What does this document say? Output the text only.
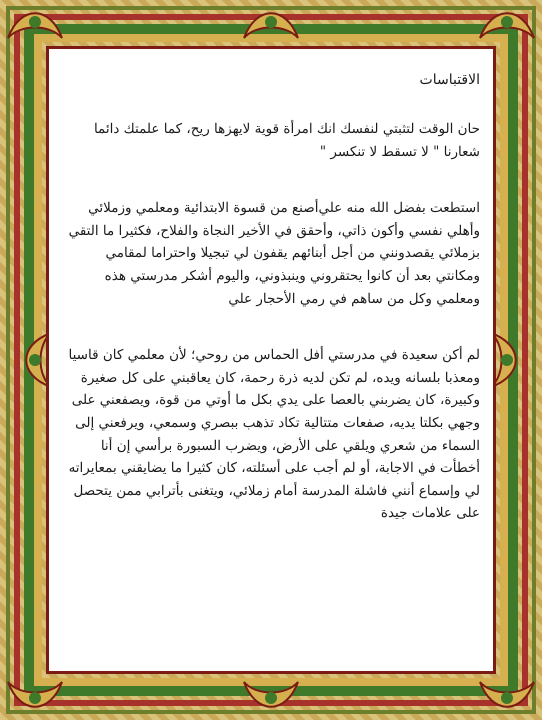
الاقتباسات

حان الوقت لتثبتي لنفسك انك امرأة قوية لايهزها ريح، كما علمتك دائما شعارنا " لا تسقط لا تنكسر "

استطعت بفضل الله منه علي‌أصنع من قسوة الابتدائية ومعلمي وزملائي وأهلي نفسي وأكون ذاتي، وأحقق في الأخير النجاة والفلاح، فكثيرا ما التقي بزملائي يقصدونني من أجل أبنائهم يقفون لي تبجيلا واحتراما لمقامي ومكانتي بعد أن كانوا يحتقروني وينبذوني، واليوم أشكر مدرستي هذه ومعلمي وكل من ساهم في رمي الأحجار علي

لم أكن سعيدة في مدرستي أفل الحماس من روحي؛ لأن معلمي كان قاسيا ومعذبا بلسانه ويده، لم تكن لديه ذرة رحمة، كان يعاقبني على كل صغيرة وكبيرة، كان يضربني بالعصا على يدي بكل ما أوتي من قوة، ويصفعني على وجهي بكلتا يديه، صفعات متتالية تكاد تذهب ببصري وسمعي، ويرفعني إلى السماء من شعري ويلقي على الأرض، ويضرب السبورة برأسي إن أنا أخطأت في الاجابة، أو لم أجب على أسئلته، كان كثيرا ما يضايقني بمعايراته لي وإسماع أنني فاشلة المدرسة أمام زملائي، ويتغنى بأترابي ممن يتحصل على علامات جيدة
